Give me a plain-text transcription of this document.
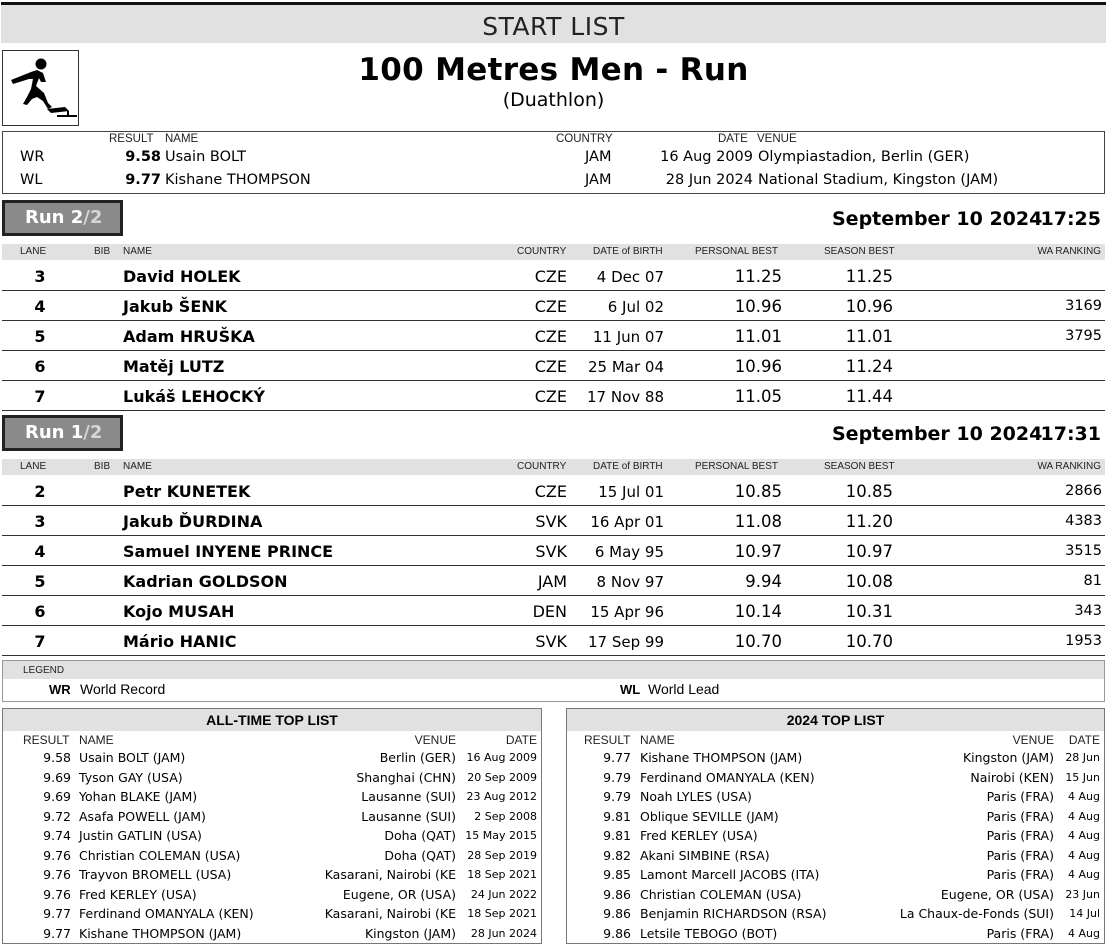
START LIST
100 Metres Men - Run
(Duathlon)
RESULT NAME	COUNTRY	DATE VENUE
WR	9.58 Usain BOLT	JAM	16 Aug 2009 Olympiastadion, Berlin (GER)
WL	9.77 Kishane THOMPSON	JAM	28 Jun 2024 National Stadium, Kingston (JAM)
Run 2/2	September 10 2024
17:25
LANE	BIB NAME	COUNTRY	DATE of BIRTH	PERSONAL BEST	SEASON BEST	WA RANKING
3	David HOLEK	CZE 4 Dec 07	11.25	11.25
4	Jakub ŠENK	CZE	6 Jul 02	10.96	10.96	3169
5	Adam HRUŠKA	CZE 11 Jun 07	11.01	11.01	3795
6	Matěj LUTZ	CZE 25 Mar 04	10.96	11.24
7	Lukáš LEHOCKÝ	CZE 17 Nov 88	11.05	11.44
Run 1/2	September 10 2024
17:31
LANE	BIB NAME	COUNTRY	DATE of BIRTH	PERSONAL BEST	SEASON BEST	WA RANKING
2	Petr KUNETEK	CZE 15 Jul 01	10.85	10.85	2866
3	Jakub ĎURDINA	SVK 16 Apr 01	11.08	11.20	4383
4	Samuel INYENE PRINCE	SVK 6 May 95	10.97	10.97	3515
5	Kadrian GOLDSON	JAM 8 Nov 97	9.94	10.08	81
6	Kojo MUSAH	DEN 15 Apr 96	10.14	10.31	343
7	Mário HANIC	SVK 17 Sep 99	10.70	10.70	1953
LEGEND
WR World Record	WL World Lead
ALL-TIME TOP LIST
RESULT NAME	VENUE	DATE
9.58 Usain BOLT (JAM)	Berlin (GER) 16 Aug 2009
9.69 Tyson GAY (USA)	Shanghai (CHN) 20 Sep 2009
9.69 Yohan BLAKE (JAM)	Lausanne (SUI) 23 Aug 2012
9.72 Asafa POWELL (JAM)	Lausanne (SUI) 2 Sep 2008
9.74 Justin GATLIN (USA)	Doha (QAT) 15 May 2015
9.76 Christian COLEMAN (USA)	Doha (QAT) 28 Sep 2019
9.76 Trayvon BROMELL (USA)	Kasarani, Nairobi (KE 18 Sep 2021
9.76 Fred KERLEY (USA)	Eugene, OR (USA) 24 Jun 2022
9.77 Ferdinand OMANYALA (KEN)	Kasarani, Nairobi (KE 18 Sep 2021
9.77 Kishane THOMPSON (JAM)	Kingston (JAM) 28 Jun 2024
2024 TOP LIST
RESULT NAME	VENUE DATE
9.77 Kishane THOMPSON (JAM)	Kingston (JAM) 28 Jun
9.79 Ferdinand OMANYALA (KEN)	Nairobi (KEN) 15 Jun
9.79 Noah LYLES (USA)	Paris (FRA) 4 Aug
9.81 Oblique SEVILLE (JAM)	Paris (FRA) 4 Aug
9.81 Fred KERLEY (USA)	Paris (FRA) 4 Aug
9.82 Akani SIMBINE (RSA)	Paris (FRA) 4 Aug
9.85 Lamont Marcell JACOBS (ITA)	Paris (FRA) 4 Aug
9.86 Christian COLEMAN (USA)	Eugene, OR (USA) 23 Jun
9.86 Benjamin RICHARDSON (RSA)	La Chaux-de-Fonds (SUI) 14 Jul
9.86 Letsile TEBOGO (BOT)	Paris (FRA) 4 Aug
